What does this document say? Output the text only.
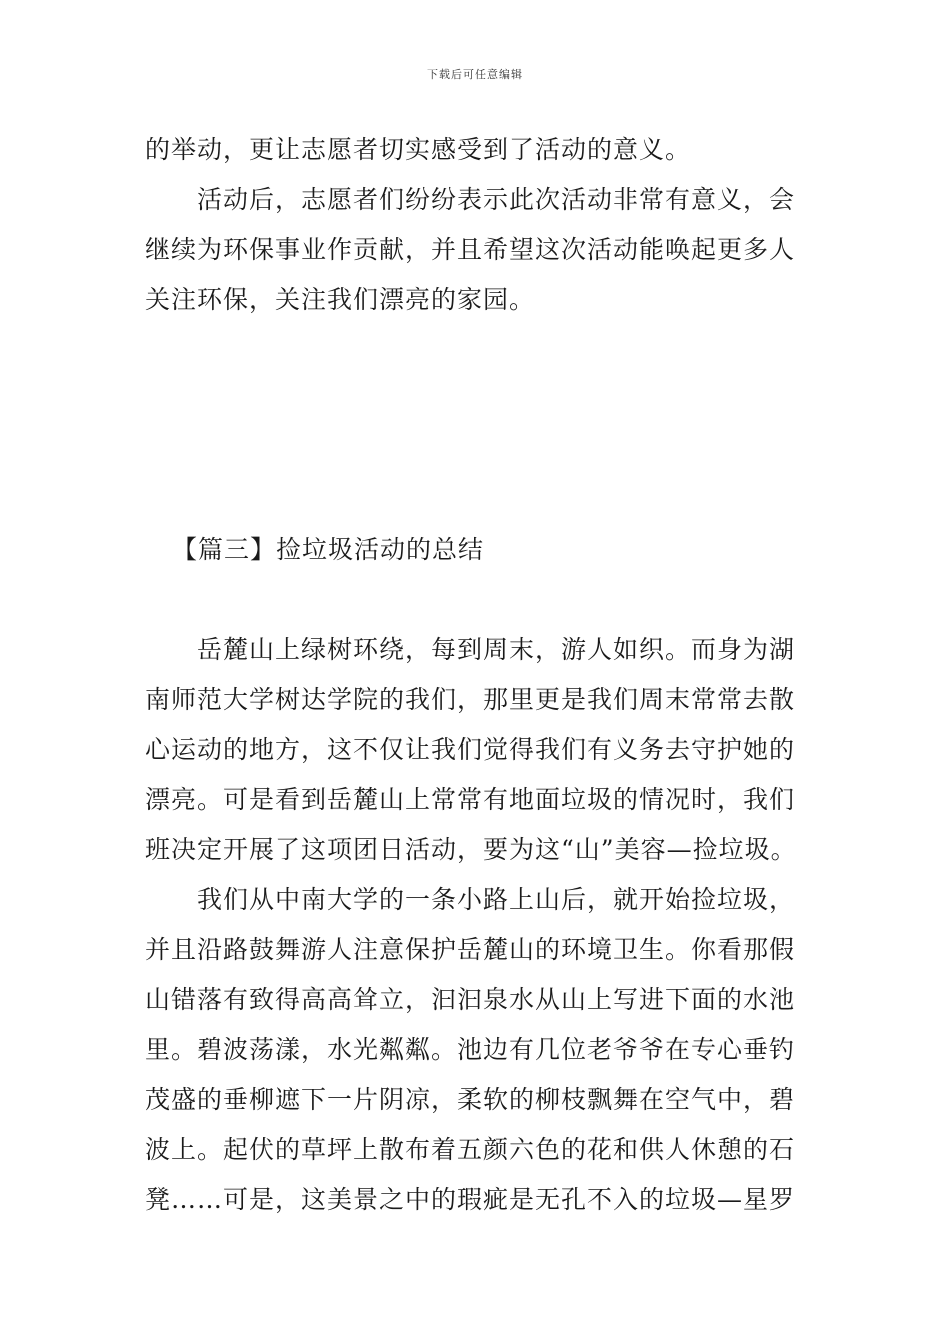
下载后可任意编辑
的举动，更让志愿者切实感受到了活动的意义。
活动后，志愿者们纷纷表示此次活动非常有意义，会
继续为环保事业作贡献，并且希望这次活动能唤起更多人
关注环保，关注我们漂亮的家园。
【篇三】捡垃圾活动的总结
岳麓山上绿树环绕，每到周末，游人如织。而身为湖
南师范大学树达学院的我们，那里更是我们周末常常去散
心运动的地方，这不仅让我们觉得我们有义务去守护她的
漂亮。可是看到岳麓山上常常有地面垃圾的情况时，我们
班决定开展了这项团日活动，要为这“山”美容—捡垃圾。
我们从中南大学的一条小路上山后，就开始捡垃圾，
并且沿路鼓舞游人注意保护岳麓山的环境卫生。你看那假
山错落有致得高高耸立，汩汩泉水从山上写进下面的水池
里。碧波荡漾，水光粼粼。池边有几位老爷爷在专心垂钓
茂盛的垂柳遮下一片阴凉，柔软的柳枝飘舞在空气中，碧
波上。起伏的草坪上散布着五颜六色的花和供人休憩的石
凳……可是，这美景之中的瑕疵是无孔不入的垃圾—星罗
